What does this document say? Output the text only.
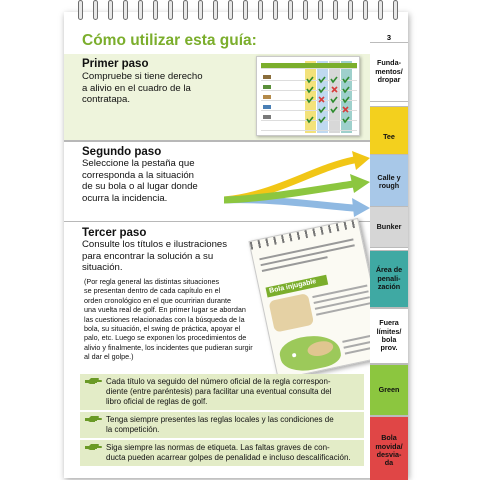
Cómo utilizar esta guía:
Primer paso
Compruebe si tiene derecho
a alivio en el cuadro de la
contratapa.
Segundo paso
Seleccione la pestaña que
corresponda a la situación
de su bola o al lugar donde
ocurra la incidencia.
Tercer paso
Consulte los títulos e ilustraciones
para encontrar la solución a su
situación.
(Por regla general las distintas situaciones
se presentan dentro de cada capítulo en el
orden cronológico en el que ocurririan durante
una vuelta real de golf. En primer lugar se abordan
las cuestiones relacionadas con la búsqueda de la
bola, su situación, el swing de práctica, apoyar el
palo, etc. Luego se exponen los procedimientos de
alivio y finalmente, los incidentes que pudieran surgir
al dar el golpe.)
Bola injugable
Cada título va seguido del número oficial de la regla correspon-
diente (entre paréntesis) para facilitar una eventual consulta del
libro oficial de reglas de golf.
Tenga siempre presentes las reglas locales y las condiciones de
la competición.
Siga siempre las normas de etiqueta. Las faltas graves de con-
ducta pueden acarrear golpes de penalidad e incluso descalificación.
3
Funda-
mentos/
dropar
Tee
Calle y
rough
Bunker
Área de
penali-
zación
Fuera
límites/
bola
prov.
Green
Bola
movida/
desvia-
da
